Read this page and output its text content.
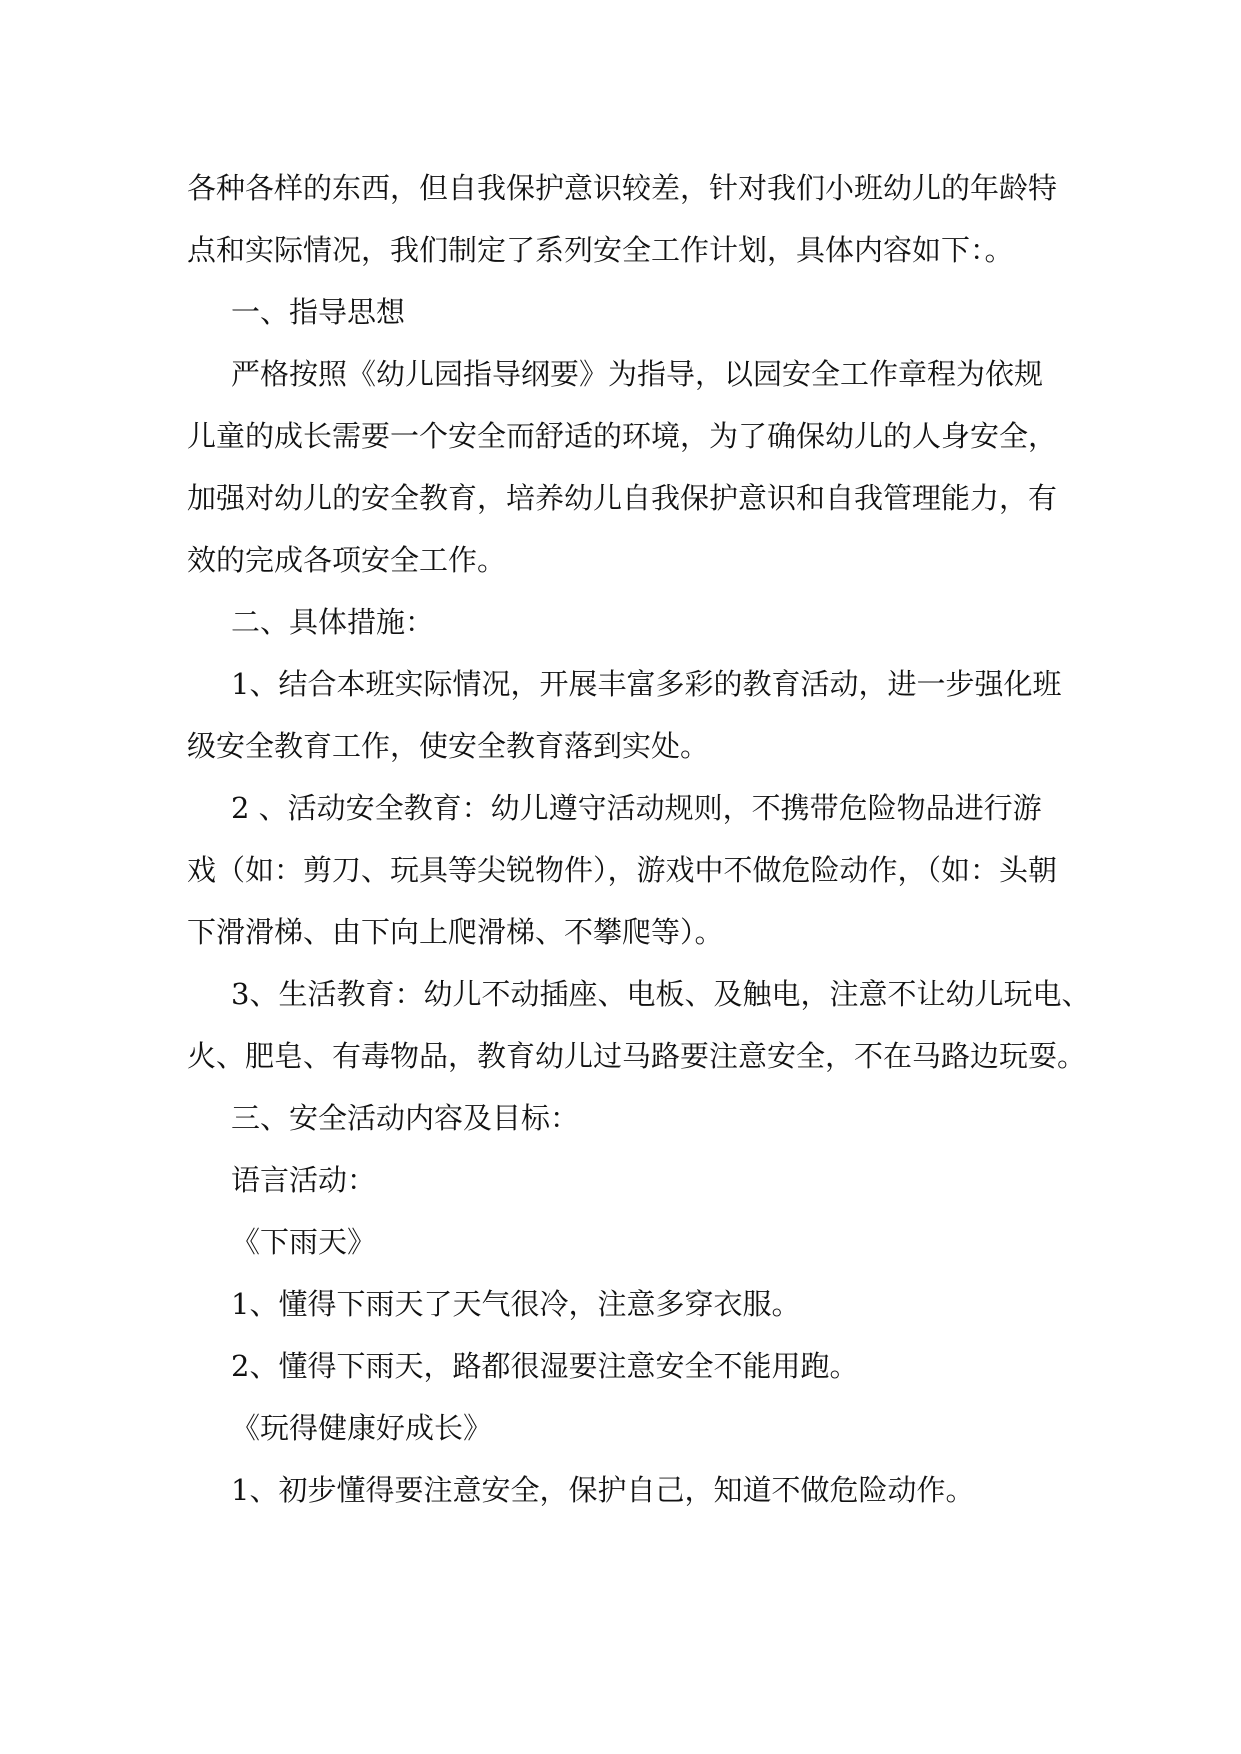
各种各样的东西，但自我保护意识较差，针对我们小班幼儿的年龄特

点和实际情况，我们制定了系列安全工作计划，具体内容如下：。

一、指导思想

严格按照《幼儿园指导纲要》为指导，以园安全工作章程为依规

儿童的成长需要一个安全而舒适的环境，为了确保幼儿的人身安全，

加强对幼儿的安全教育，培养幼儿自我保护意识和自我管理能力，有

效的完成各项安全工作。

二、具体措施：

1、结合本班实际情况，开展丰富多彩的教育活动，进一步强化班

级安全教育工作，使安全教育落到实处。

2 、活动安全教育：幼儿遵守活动规则，不携带危险物品进行游

戏（如：剪刀、玩具等尖锐物件），游戏中不做危险动作，（如：头朝

下滑滑梯、由下向上爬滑梯、不攀爬等）。

3、生活教育：幼儿不动插座、电板、及触电，注意不让幼儿玩电、

火、肥皂、有毒物品，教育幼儿过马路要注意安全，不在马路边玩耍。

三、安全活动内容及目标：

语言活动：

《下雨天》

1、懂得下雨天了天气很冷，注意多穿衣服。

2、懂得下雨天，路都很湿要注意安全不能用跑。

《玩得健康好成长》

1、初步懂得要注意安全，保护自己，知道不做危险动作。
